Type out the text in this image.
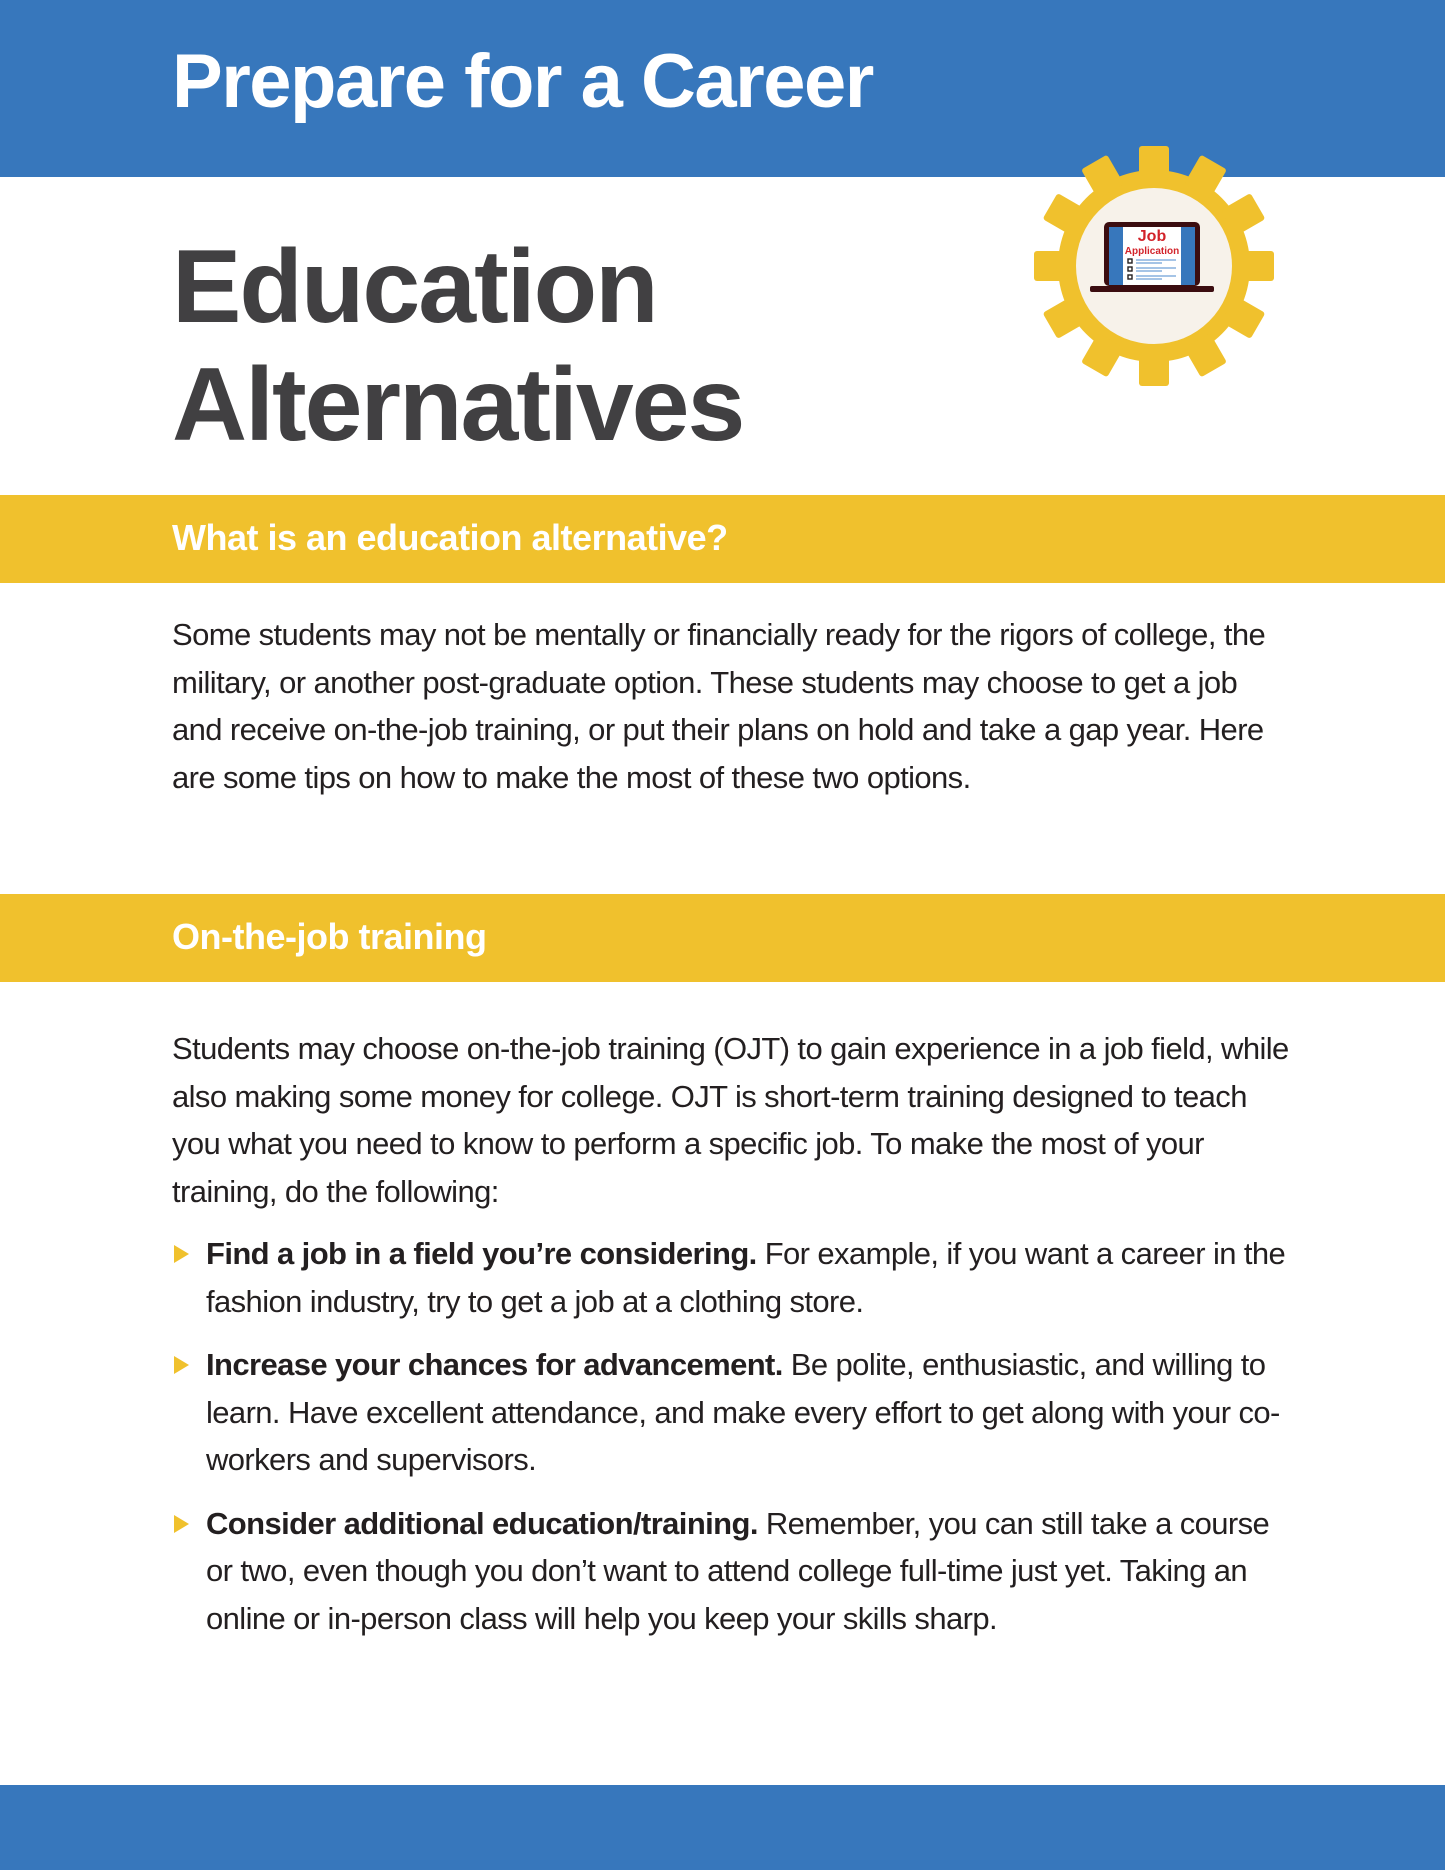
Prepare for a Career
Education
Alternatives
Job
Application
What is an education alternative?
Some students may not be mentally or financially ready for the rigors of college, the military, or another post-graduate option. These students may choose to get a job and receive on-the-job training, or put their plans on hold and take a gap year. Here are some tips on how to make the most of these two options.
On-the-job training
Students may choose on-the-job training (OJT) to gain experience in a job field, while also making some money for college. OJT is short-term training designed to teach you what you need to know to perform a specific job. To make the most of your training, do the following:
Find a job in a field you’re considering. For example, if you want a career in the fashion industry, try to get a job at a clothing store.
Increase your chances for advancement. Be polite, enthusiastic, and willing to learn. Have excellent attendance, and make every effort to get along with your co-workers and supervisors.
Consider additional education/training. Remember, you can still take a course or two, even though you don’t want to attend college full-time just yet. Taking an online or in-person class will help you keep your skills sharp.
